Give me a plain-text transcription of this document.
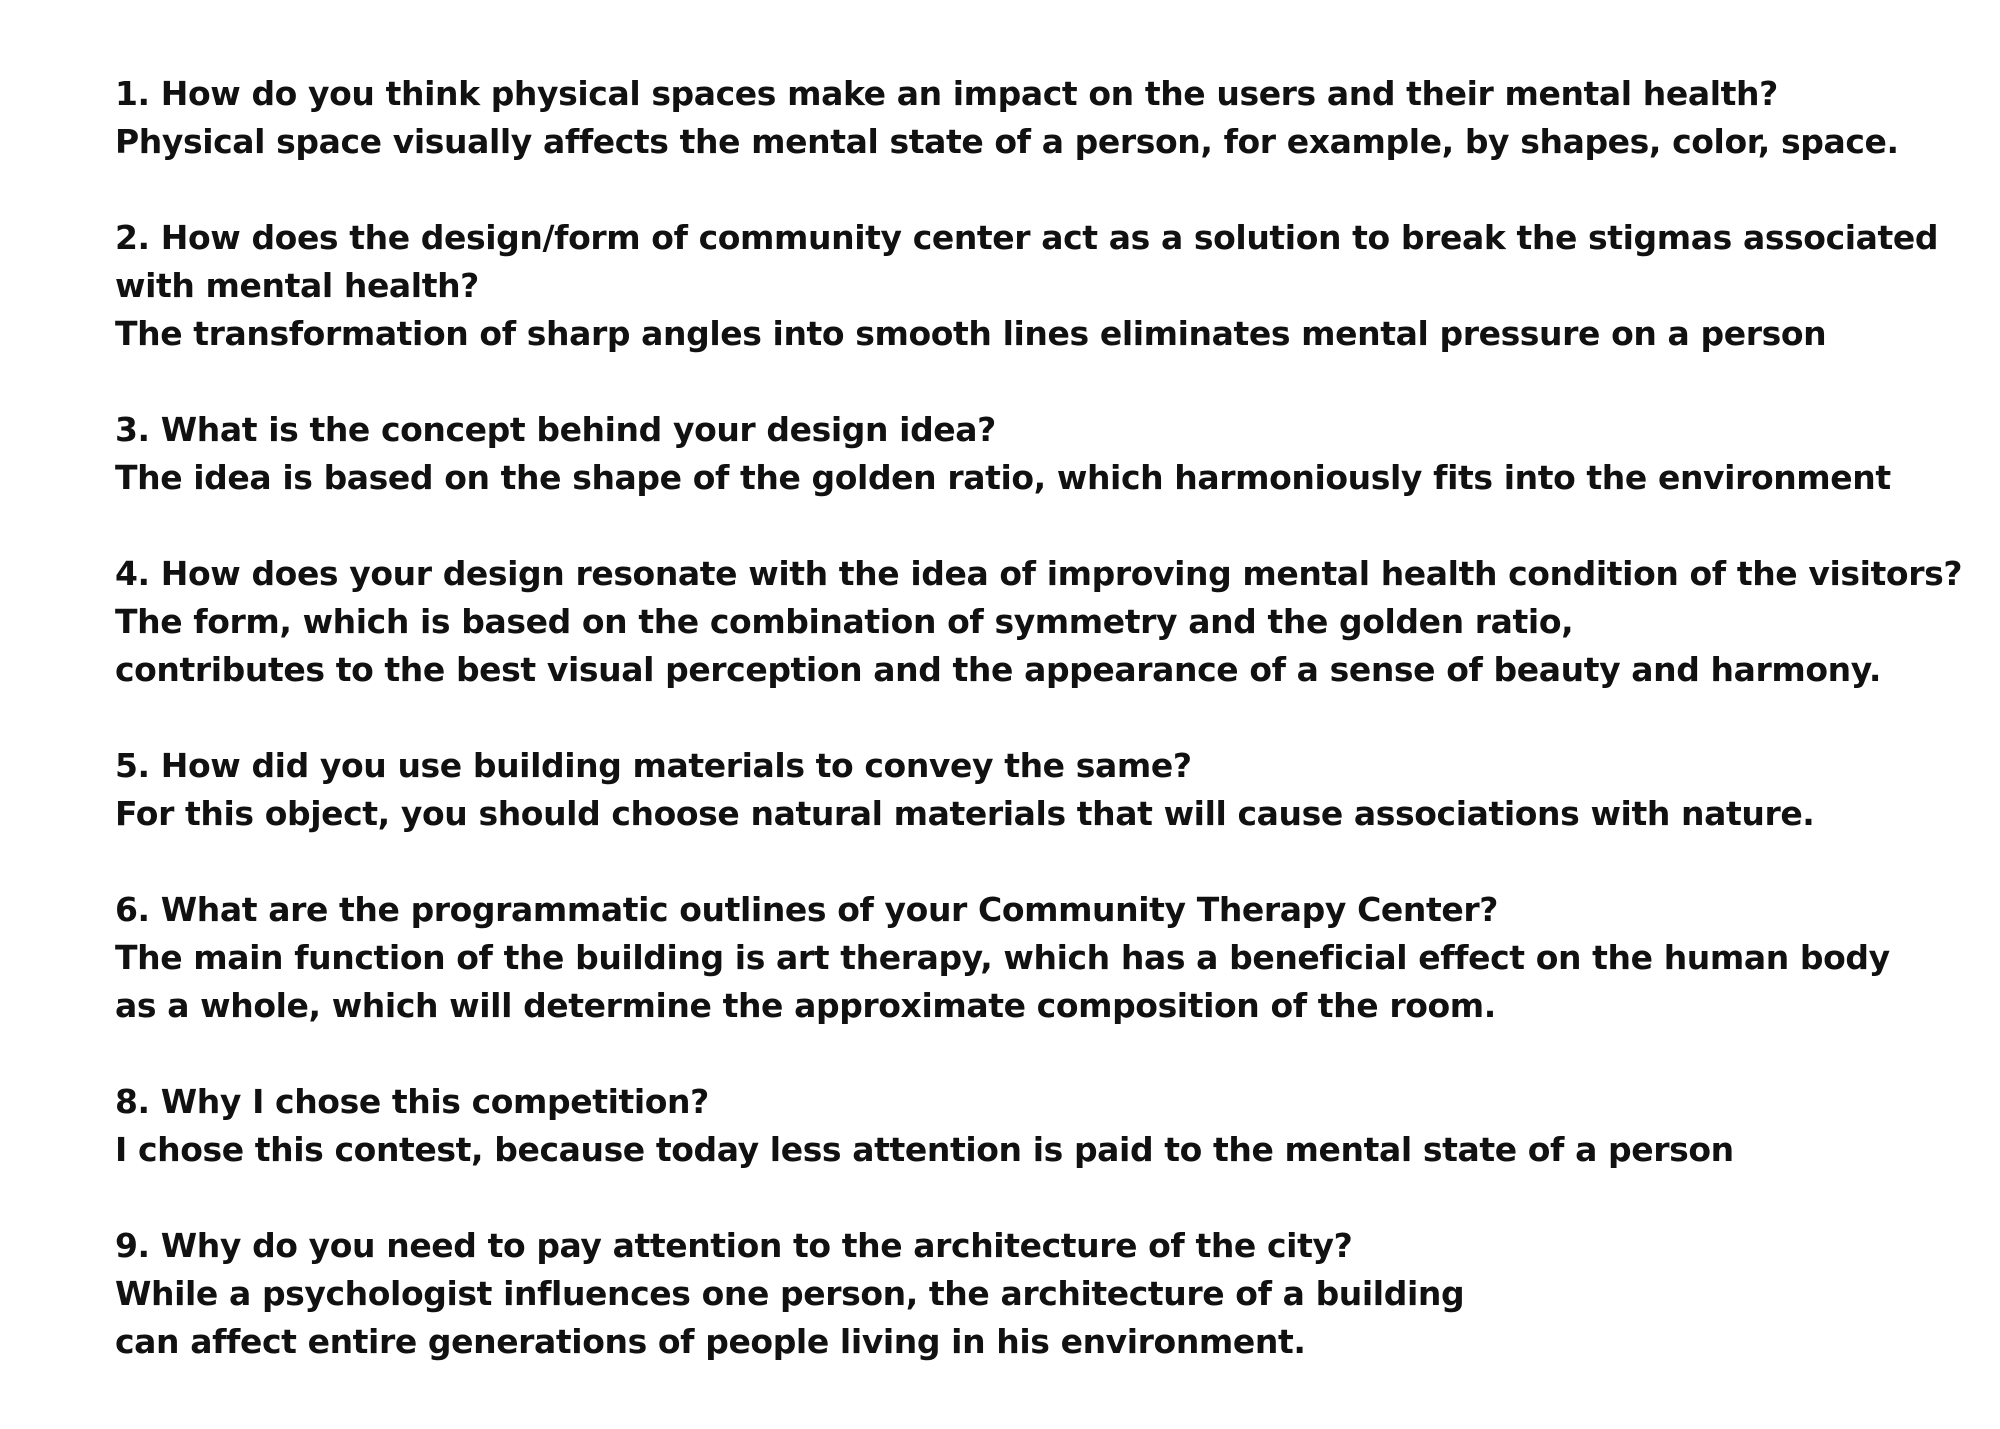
1. How do you think physical spaces make an impact on the users and their mental health?
Physical space visually affects the mental state of a person, for example, by shapes, color, space.
2. How does the design/form of community center act as a solution to break the stigmas associated
with mental health?
The transformation of sharp angles into smooth lines eliminates mental pressure on a person
3. What is the concept behind your design idea?
The idea is based on the shape of the golden ratio, which harmoniously fits into the environment
4. How does your design resonate with the idea of improving mental health condition of the visitors?
The form, which is based on the combination of symmetry and the golden ratio,
contributes to the best visual perception and the appearance of a sense of beauty and harmony.
5. How did you use building materials to convey the same?
For this object, you should choose natural materials that will cause associations with nature.
6. What are the programmatic outlines of your Community Therapy Center?
The main function of the building is art therapy, which has a beneficial effect on the human body
as a whole, which will determine the approximate composition of the room.
8. Why I chose this competition?
I chose this contest, because today less attention is paid to the mental state of a person
9. Why do you need to pay attention to the architecture of the city?
While a psychologist influences one person, the architecture of a building
can affect entire generations of people living in his environment.
